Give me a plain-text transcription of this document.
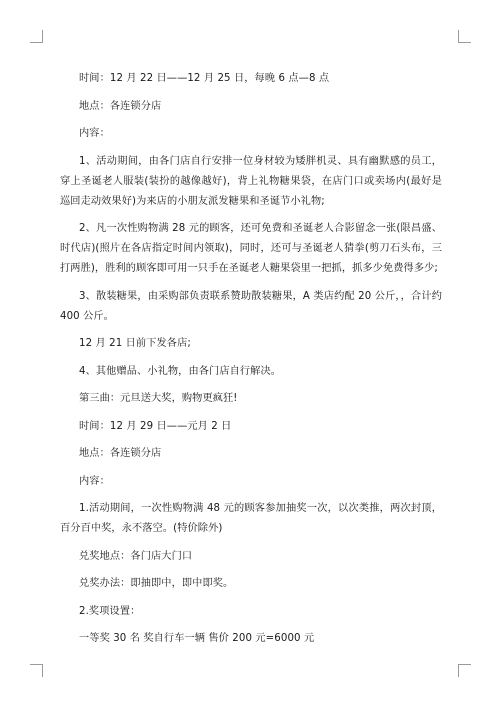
时间：12 月 22 日——12 月 25 日，每晚 6 点—8 点

地点：各连锁分店

内容：

1、活动期间，由各门店自行安排一位身材较为矮胖机灵、具有幽默感的员工，穿上圣诞老人服装(装扮的越像越好)，背上礼物糖果袋，在店门口或卖场内(最好是巡回走动效果好)为来店的小朋友派发糖果和圣诞节小礼物;

2、凡一次性购物满 28 元的顾客，还可免费和圣诞老人合影留念一张(限昌盛、时代店)(照片在各店指定时间内领取)，同时，还可与圣诞老人猜拳(剪刀石头布，三打两胜)，胜利的顾客即可用一只手在圣诞老人糖果袋里一把抓，抓多少免费得多少;

3、散装糖果，由采购部负责联系赞助散装糖果，A 类店约配 20 公斤，，合计约 400 公斤。

12 月 21 日前下发各店;

4、其他赠品、小礼物，由各门店自行解决。

第三曲：元旦送大奖，购物更疯狂!

时间：12 月 29 日——元月 2 日

地点：各连锁分店

内容：

1.活动期间，一次性购物满 48 元的顾客参加抽奖一次，以次类推，两次封顶，百分百中奖，永不落空。(特价除外)

兑奖地点：各门店大门口

兑奖办法：即抽即中，即中即奖。

2.奖项设置：

一等奖 30 名 奖自行车一辆 售价 200 元=6000 元
